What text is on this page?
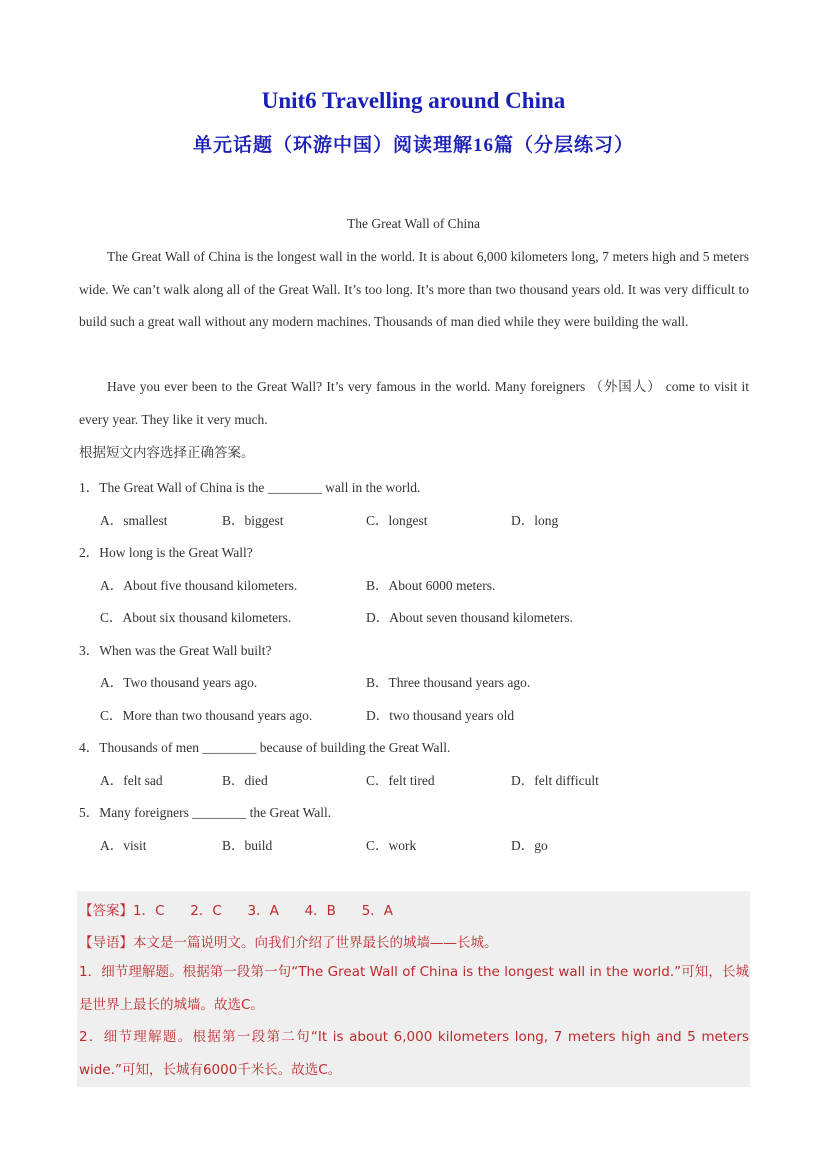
Unit6 Travelling around China
单元话题（环游中国）阅读理解16篇（分层练习）
The Great Wall of China
The Great Wall of China is the longest wall in the world. It is about 6,000 kilometers long, 7 meters high and 5 meters wide. We can’t walk along all of the Great Wall. It’s too long. It’s more than two thousand years old. It was very difficult to build such a great wall without any modern machines. Thousands of man died while they were building the wall.
Have you ever been to the Great Wall? It’s very famous in the world. Many foreigners （外国人） come to visit it every year. They like it very much.
根据短文内容选择正确答案。
1．The Great Wall of China is the ________ wall in the world.
A．smallest	B．biggest	C．longest	D．long
2．How long is the Great Wall?
A．About five thousand kilometers.	B．About 6000 meters.
C．About six thousand kilometers.	D．About seven thousand kilometers.
3．When was the Great Wall built?
A．Two thousand years ago.	B．Three thousand years ago.
C．More than two thousand years ago.	D．two thousand years old
4．Thousands of men ________ because of building the Great Wall.
A．felt sad	B．died	C．felt tired	D．felt difficult
5．Many foreigners ________ the Great Wall.
A．visit	B．build	C．work	D．go
【答案】1．C      2．C      3．A      4．B      5．A
【导语】本文是一篇说明文。向我们介绍了世界最长的城墙——长城。
1．细节理解题。根据第一段第一句“The Great Wall of China is the longest wall in the world.”可知，长城是世界上最长的城墙。故选C。
2．细节理解题。根据第一段第二句“It is about 6,000 kilometers long, 7 meters high and 5 meters wide.”可知，长城有6000千米长。故选C。
